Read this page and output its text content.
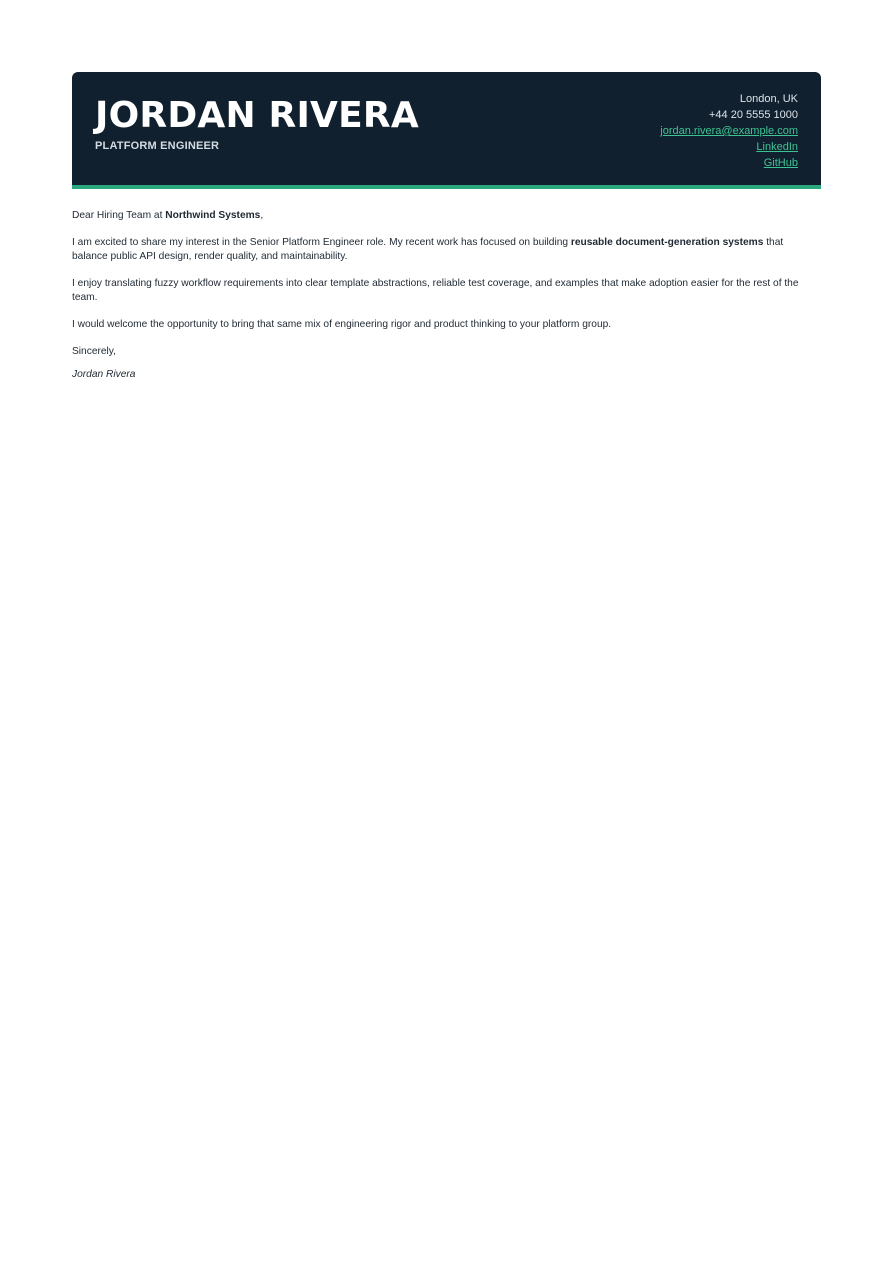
JORDAN RIVERA
PLATFORM ENGINEER
London, UK
+44 20 5555 1000
jordan.rivera@example.com
LinkedIn
GitHub

Dear Hiring Team at Northwind Systems,

I am excited to share my interest in the Senior Platform Engineer role. My recent work has focused on building reusable document-generation systems that balance public API design, render quality, and maintainability.

I enjoy translating fuzzy workflow requirements into clear template abstractions, reliable test coverage, and examples that make adoption easier for the rest of the team.

I would welcome the opportunity to bring that same mix of engineering rigor and product thinking to your platform group.

Sincerely,
Jordan Rivera
